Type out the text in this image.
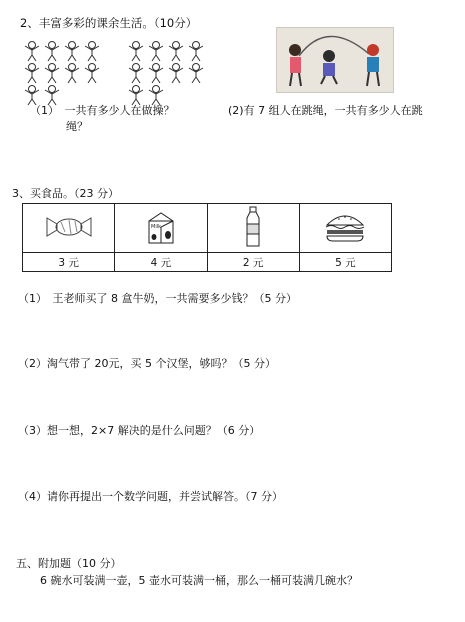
2、丰富多彩的课余生活。（10分）
（1）　一共有多少人在做操？	(2)有 7 组人在跳绳，一共有多少人在跳
绳？
3、买食品。（23 分）

Milk

3 元	4 元	2 元	5 元
（1）　王老师买了 8 盒牛奶，一共需要多少钱？（5 分）
（2）淘气带了 20元，买 5 个汉堡，够吗？（5 分）
（3）想一想，2×7 解决的是什么问题？（6 分）
（4）请你再提出一个数学问题，并尝试解答。（7 分）
五、附加题（10 分）
6 碗水可装满一壶，5 壶水可装满一桶，那么一桶可装满几碗水？
